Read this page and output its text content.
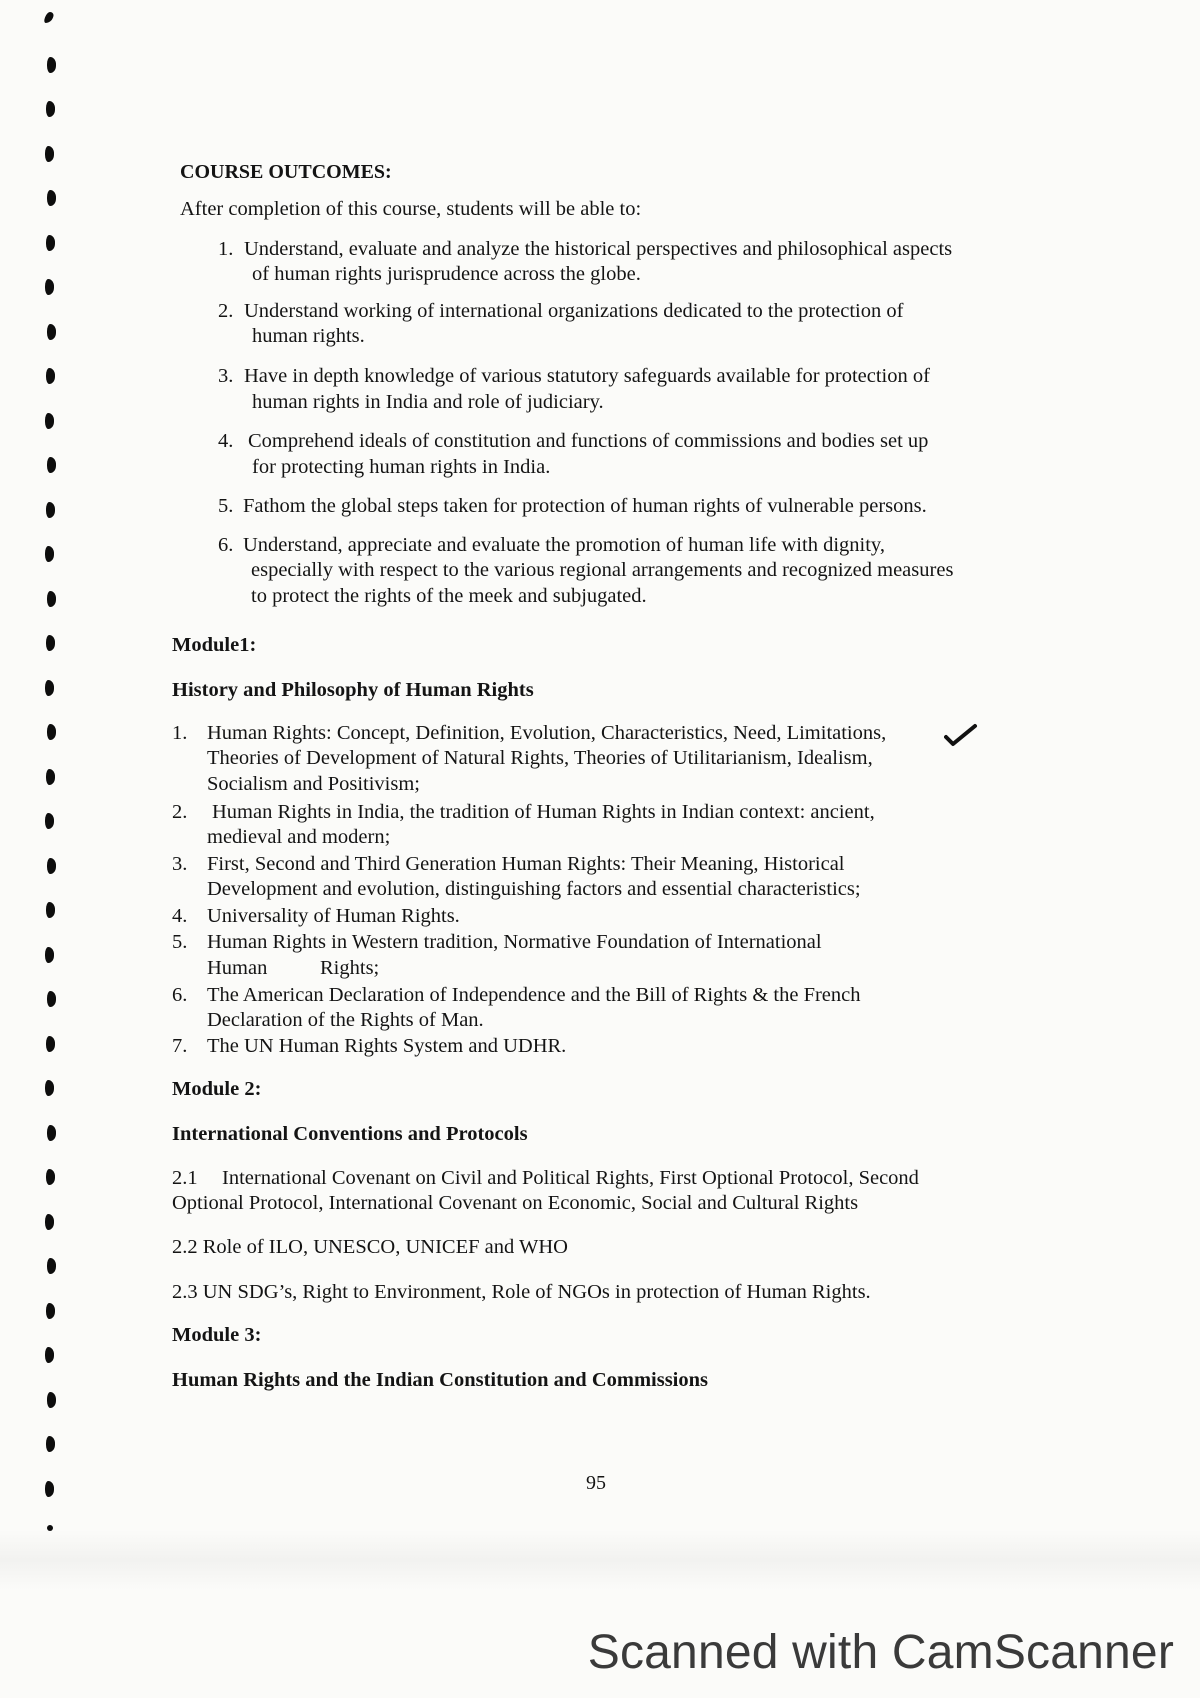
COURSE OUTCOMES:
After completion of this course, students will be able to:
1. Understand, evaluate and analyze the historical perspectives and philosophical aspects
of human rights jurisprudence across the globe.
2. Understand working of international organizations dedicated to the protection of
human rights.
3. Have in depth knowledge of various statutory safeguards available for protection of
human rights in India and role of judiciary.
4. Comprehend ideals of constitution and functions of commissions and bodies set up
for protecting human rights in India.
5. Fathom the global steps taken for protection of human rights of vulnerable persons.
6. Understand, appreciate and evaluate the promotion of human life with dignity,
especially with respect to the various regional arrangements and recognized measures
to protect the rights of the meek and subjugated.
Module1:
History and Philosophy of Human Rights
1. Human Rights: Concept, Definition, Evolution, Characteristics, Need, Limitations,
Theories of Development of Natural Rights, Theories of Utilitarianism, Idealism,
Socialism and Positivism;
2. Human Rights in India, the tradition of Human Rights in Indian context: ancient,
medieval and modern;
3. First, Second and Third Generation Human Rights: Their Meaning, Historical
Development and evolution, distinguishing factors and essential characteristics;
4. Universality of Human Rights.
5. Human Rights in Western tradition, Normative Foundation of International
Human	Rights;
6. The American Declaration of Independence and the Bill of Rights & the French
Declaration of the Rights of Man.
7. The UN Human Rights System and UDHR.
Module 2:
International Conventions and Protocols
2.1 International Covenant on Civil and Political Rights, First Optional Protocol, Second
Optional Protocol, International Covenant on Economic, Social and Cultural Rights
2.2 Role of ILO, UNESCO, UNICEF and WHO
2.3 UN SDG’s, Right to Environment, Role of NGOs in protection of Human Rights.
Module 3:
Human Rights and the Indian Constitution and Commissions
95
Scanned with CamScanner
